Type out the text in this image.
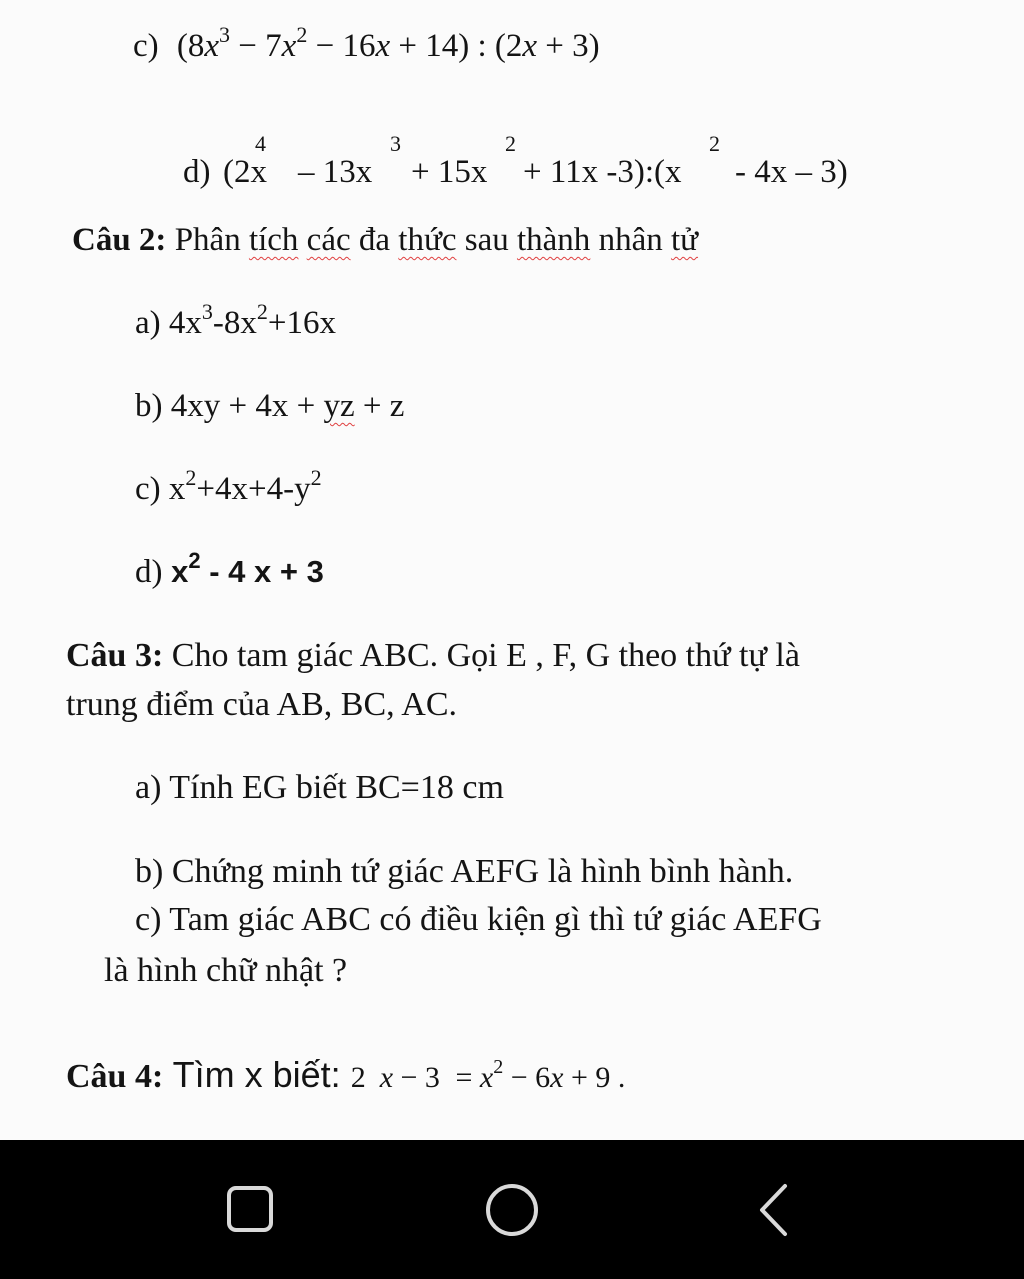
c) $(8x^3 - 7x^2 - 16x + 14)$ : (2x + 3)
d) (2x
4
– 13x
3
+ 15x
2
+ 11x -3):(x
2
- 4x – 3)
Câu 2: Phân tích các đa thức sau thành nhân tử
a) $4x^3-8x^2+16x$
b) 4xy + 4x + yz + z
c) $x^2+4x+4-y^2$
d) $x^2 - 4$ x + 3
Câu 3: Cho tam giác ABC. Gọi E , F, G theo thứ tự là
trung điểm của AB, BC, AC.
a) Tính EG biết BC=18 cm
b) Chứng minh tứ giác AEFG là hình bình hành.
c) Tam giác ABC có điều kiện gì thì tứ giác AEFG
là hình chữ nhật ?
Câu 4: Tìm x biết: 2 $x - 3 = x^2 - 6x + 9$ .
